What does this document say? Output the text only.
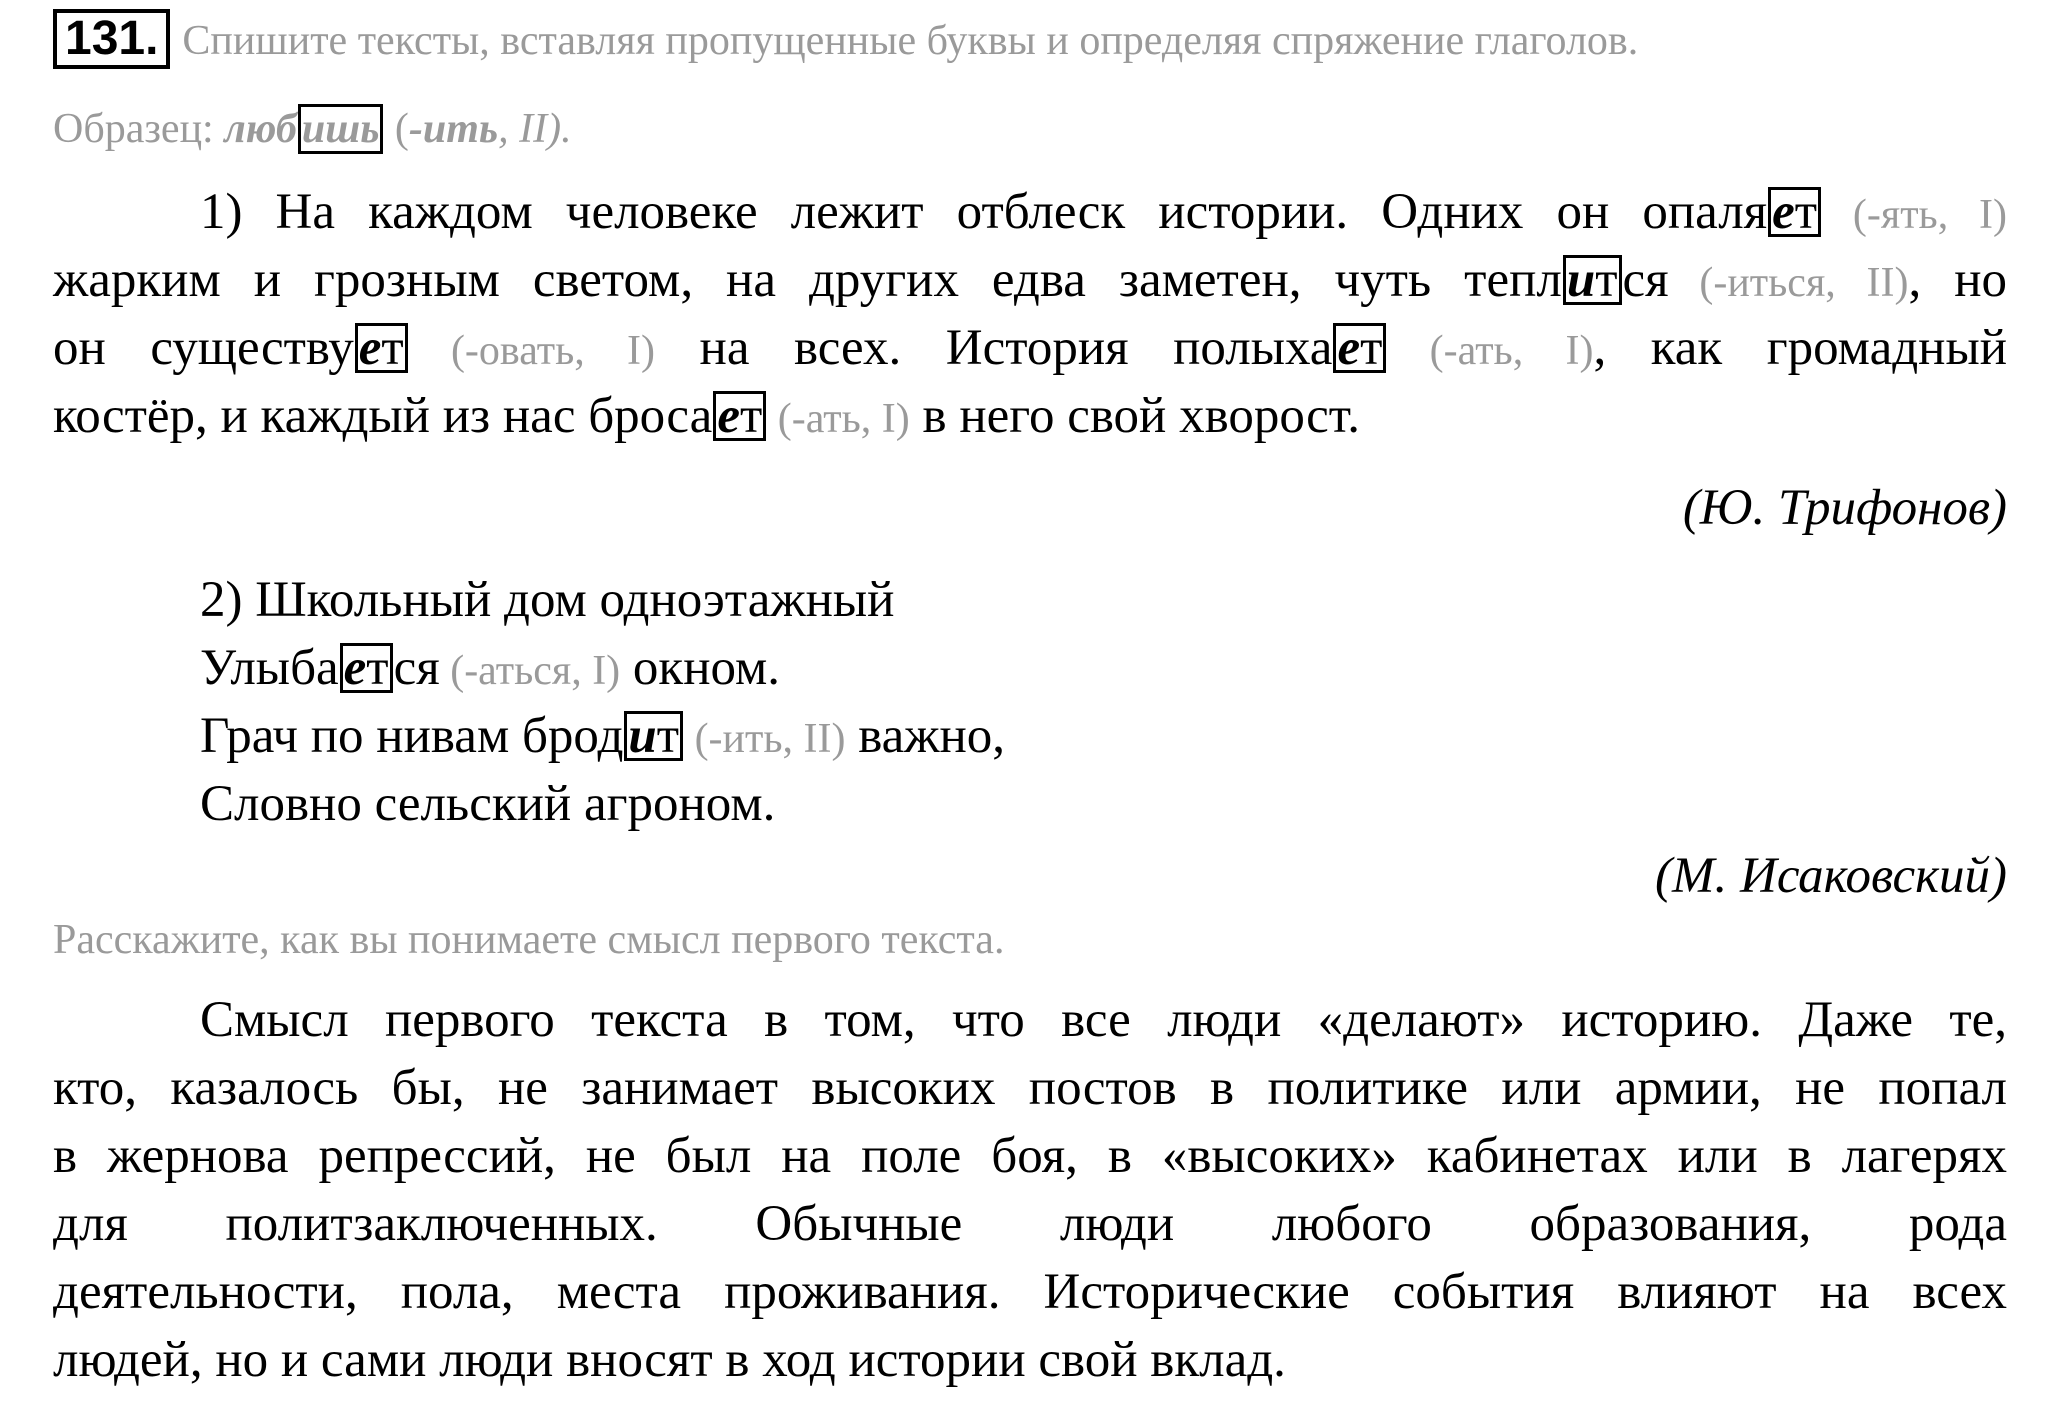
131. Спишите тексты, вставляя пропущенные буквы и определяя спряжение глаголов.
Образец: люб ишь (-ить, II).
1) На каждом человеке лежит отблеск истории. Одних он опаляет (-ять, I)
жарким и грозным светом, на других едва заметен, чуть теплится (-иться, II), но
он существует (-овать, I) на всех. История полыхает (-ать, I), как громадный
костёр, и каждый из нас бросает (-ать, I) в него свой хворост.
(Ю. Трифонов)
2) Школьный дом одноэтажный
Улыбается (-аться, I) окном.
Грач по нивам бродит (-ить, II) важно,
Словно сельский агроном.
(М. Исаковский)
Расскажите, как вы понимаете смысл первого текста.
Смысл первого текста в том, что все люди «делают» историю. Даже те,
кто, казалось бы, не занимает высоких постов в политике или армии, не попал
в жернова репрессий, не был на поле боя, в «высоких» кабинетах или в лагерях
для политзаключенных. Обычные люди любого образования, рода
деятельности, пола, места проживания. Исторические события влияют на всех
людей, но и сами люди вносят в ход истории свой вклад.
